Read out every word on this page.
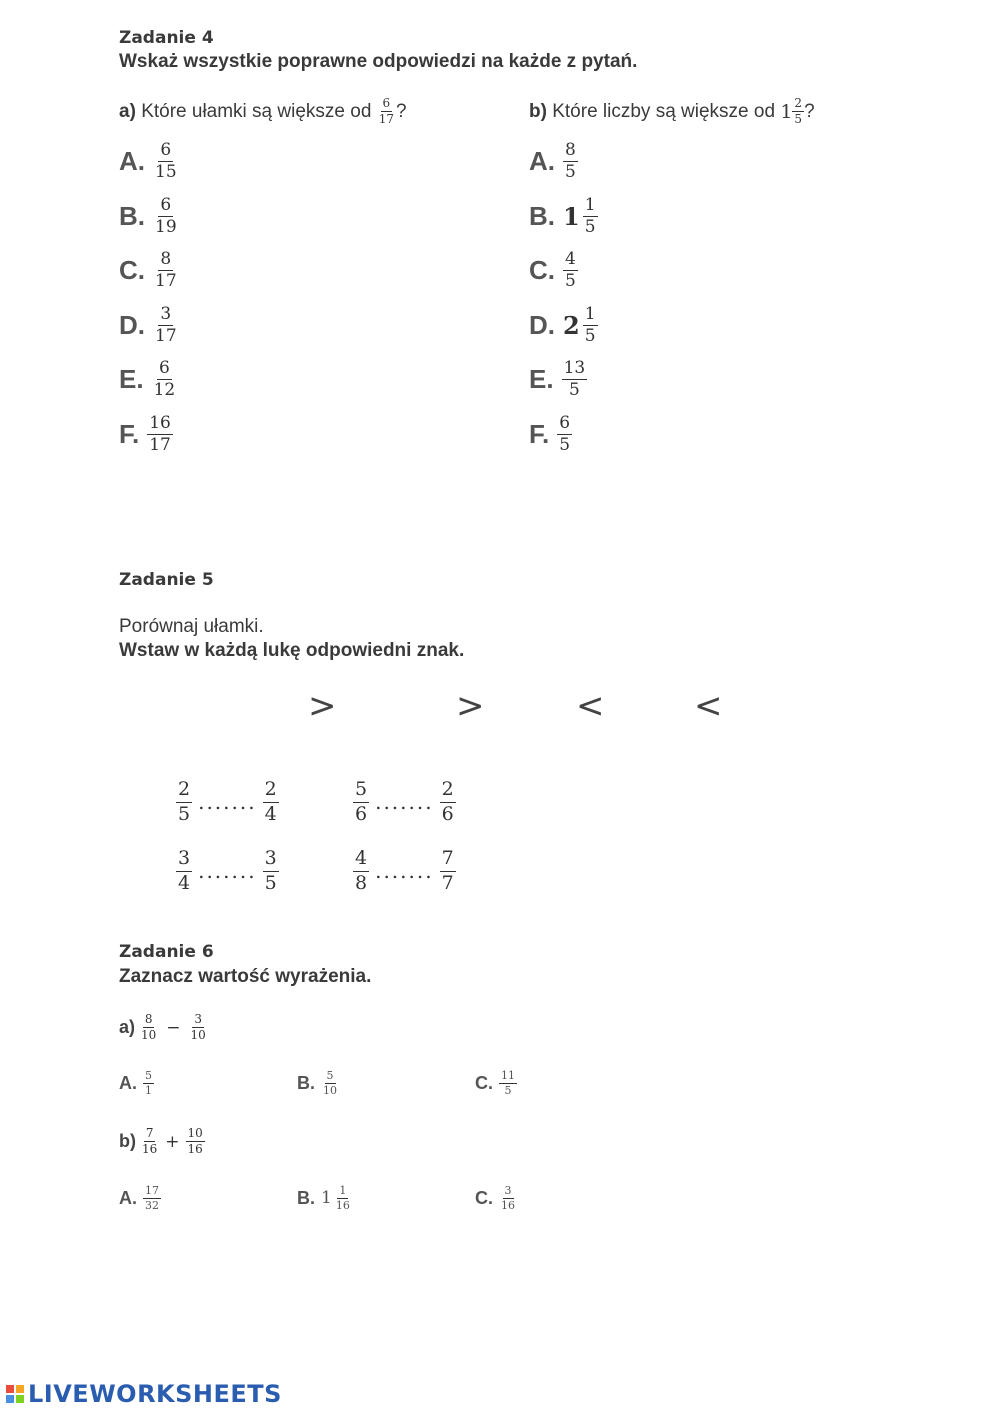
Zadanie 4
Wskaż wszystkie poprawne odpowiedzi na każde z pytań.
a)
Które ułamki są większe od
$\frac{6}{17}$ ?	b)
Które liczby są większe od
$1 \frac{2}{5}$ ?
A. $\frac{6}{15}$
B. $\frac{6}{19}$
C. $\frac{8}{17}$
D. $\frac{3}{17}$
E. $\frac{6}{12}$
F. $\frac{16}{17}$
A. $\frac{8}{5}$
B. $1 \frac{1}{5}$
C. $\frac{4}{5}$
D. $2 \frac{1}{5}$
E. $\frac{13}{5}$
F. $\frac{6}{5}$
Zadanie 5
Porównaj ułamki.
Wstaw w każdą lukę odpowiedni znak.
>	>	<	<
$\frac{2}{5}$ ....... $\frac{2}{4}$	$\frac{5}{6}$ ....... $\frac{2}{6}$
$\frac{3}{4}$ ....... $\frac{3}{5}$	$\frac{4}{8}$ ....... $\frac{7}{7}$
Zadanie 6
Zaznacz wartość wyrażenia.
$a) \frac{8}{10} - \frac{3}{10}$
A. $\frac{5}{1}$	B. $\frac{5}{10}$	C. $\frac{11}{5}$
$b) \frac{7}{16} + \frac{10}{16}$
A. $\frac{17}{32}$	B. $1 \frac{1}{16}$	C. $\frac{3}{16}$
LIVEWORKSHEETS
